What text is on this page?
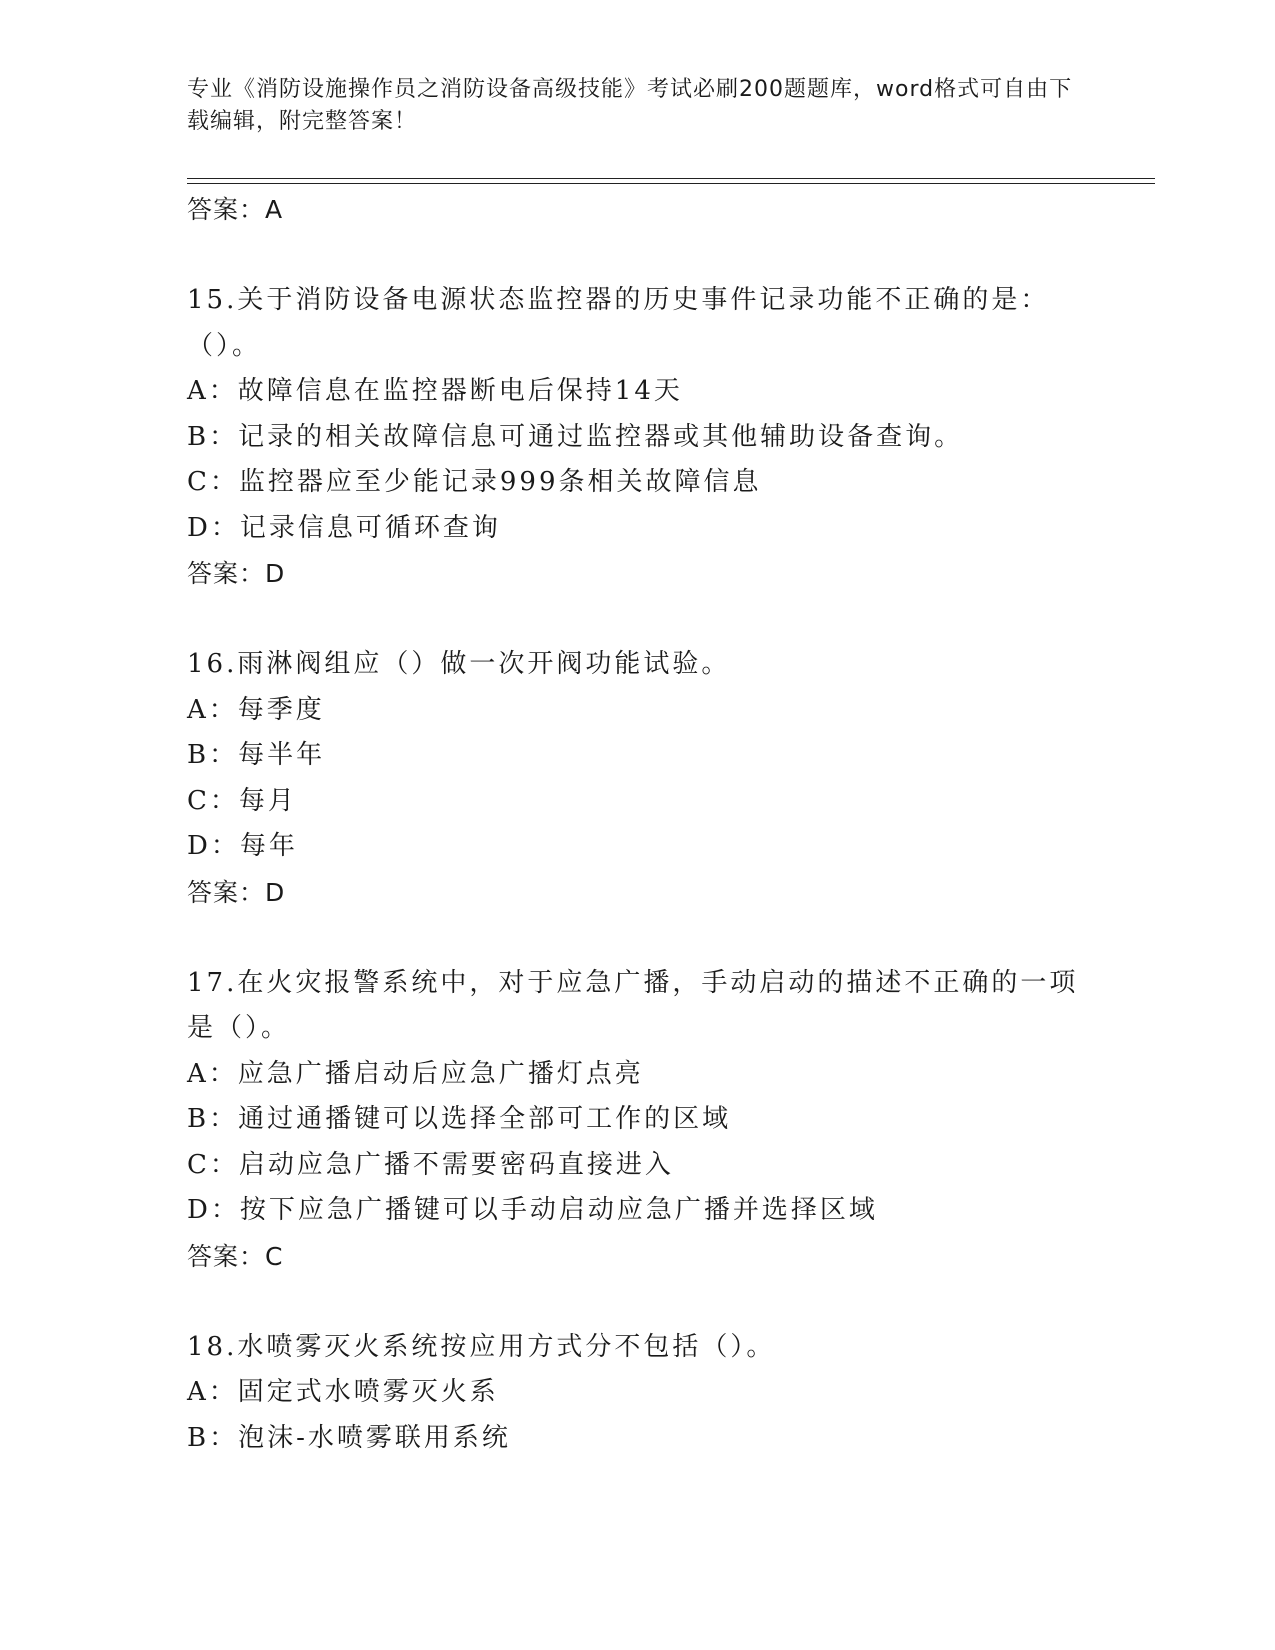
专业《消防设施操作员之消防设备高级技能》考试必刷200题题库，word格式可自由下载编辑，附完整答案！
答案：A
15.关于消防设备电源状态监控器的历史事件记录功能不正确的是：（）。
A：故障信息在监控器断电后保持14天
B：记录的相关故障信息可通过监控器或其他辅助设备查询。
C：监控器应至少能记录999条相关故障信息
D：记录信息可循环查询
答案：D
16.雨淋阀组应（）做一次开阀功能试验。
A：每季度
B：每半年
C：每月
D：每年
答案：D
17.在火灾报警系统中，对于应急广播，手动启动的描述不正确的一项是（）。
A：应急广播启动后应急广播灯点亮
B：通过通播键可以选择全部可工作的区域
C：启动应急广播不需要密码直接进入
D：按下应急广播键可以手动启动应急广播并选择区域
答案：C
18.水喷雾灭火系统按应用方式分不包括（）。
A：固定式水喷雾灭火系
B：泡沫-水喷雾联用系统
